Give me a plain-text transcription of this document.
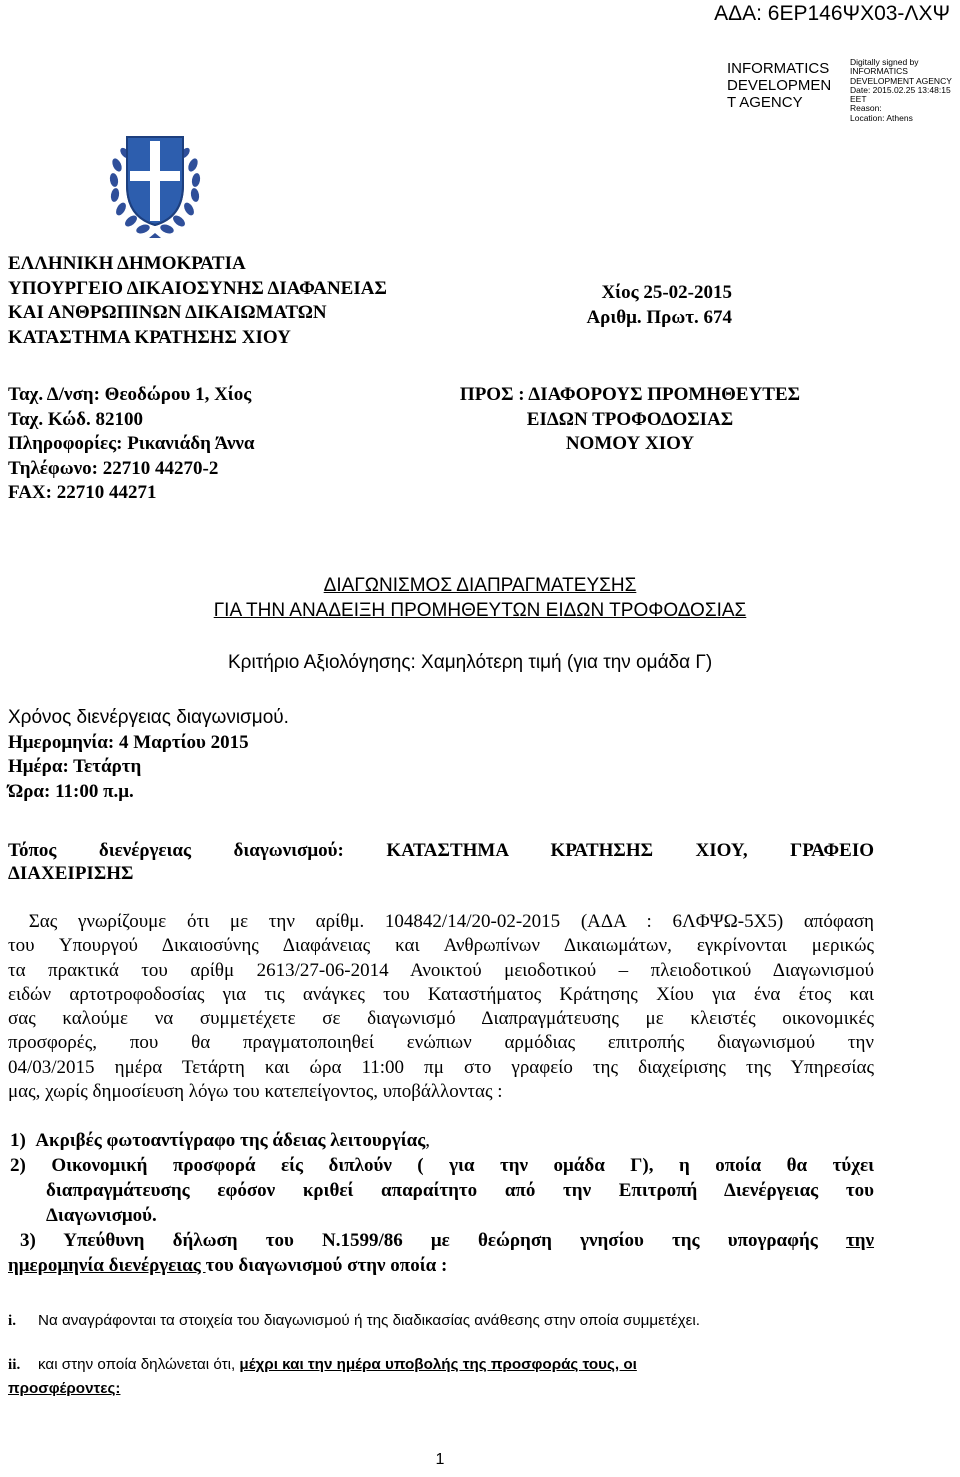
ΑΔΑ: 6ΕΡ146ΨΧ03-ΛΧΨ
INFORMATICS
DEVELOPMEN
T AGENCY
Digitally signed by
INFORMATICS
DEVELOPMENT AGENCY
Date: 2015.02.25 13:48:15
EET
Reason:
Location: Athens
ΕΛΛΗΝΙΚΗ ΔΗΜΟΚΡΑΤΙΑ
ΥΠΟΥΡΓΕΙΟ ΔΙΚΑΙΟΣΥΝΗΣ ΔΙΑΦΑΝΕΙΑΣ
ΚΑΙ ΑΝΘΡΩΠΙΝΩΝ ΔΙΚΑΙΩΜΑΤΩΝ
ΚΑΤΑΣΤΗΜΑ ΚΡΑΤΗΣΗΣ ΧΙΟΥ
Χίος 25-02-2015
Αριθμ. Πρωτ. 674
Ταχ. Δ/νση: Θεοδώρου 1, Χίος
Ταχ. Κώδ. 82100
Πληροφορίες: Ρικανιάδη Άννα
Τηλέφωνο: 22710 44270-2
FAX: 22710 44271
ΠΡΟΣ : ΔΙΑΦΟΡΟΥΣ ΠΡΟΜΗΘΕΥΤΕΣ
ΕΙΔΩΝ ΤΡΟΦΟΔΟΣΙΑΣ
ΝΟΜΟΥ ΧΙΟΥ
ΔΙΑΓΩΝΙΣΜΟΣ ΔΙΑΠΡΑΓΜΑΤΕΥΣΗΣ
ΓΙΑ ΤΗΝ ΑΝΑΔΕΙΞΗ ΠΡΟΜΗΘΕΥΤΩΝ ΕΙΔΩΝ ΤΡΟΦΟΔΟΣΙΑΣ
Κριτήριο Αξιολόγησης: Χαμηλότερη τιμή (για την ομάδα Γ)
Χρόνος διενέργειας διαγωνισμού.
Ημερομηνία: 4 Μαρτίου 2015
Ημέρα: Τετάρτη
Ώρα: 11:00 π.μ.
Τόπος διενέργειας διαγωνισμού: ΚΑΤΑΣΤΗΜΑ ΚΡΑΤΗΣΗΣ ΧΙΟΥ, ΓΡΑΦΕΙΟ
ΔΙΑΧΕΙΡΙΣΗΣ
Σας γνωρίζουμε ότι με την αρίθμ. 104842/14/20-02-2015 (ΑΔΑ : 6ΛΦΨΩ-5Χ5) απόφαση
του Υπουργού Δικαιοσύνης Διαφάνειας και Ανθρωπίνων Δικαιωμάτων, εγκρίνονται μερικώς
τα πρακτικά του αρίθμ 2613/27-06-2014 Ανοικτού μειοδοτικού – πλειοδοτικού Διαγωνισμού
ειδών αρτοτροφοδοσίας για τις ανάγκες του Καταστήματος Κράτησης Χίου για ένα έτος και
σας καλούμε να συμμετέχετε σε διαγωνισμό Διαπραγμάτευσης με κλειστές οικονομικές
προσφορές, που θα πραγματοποιηθεί ενώπιων αρμόδιας επιτροπής διαγωνισμού την
04/03/2015 ημέρα Τετάρτη και ώρα 11:00 πμ στο γραφείο της διαχείρισης της Υπηρεσίας
μας, χωρίς δημοσίευση λόγω του κατεπείγοντος, υποβάλλοντας :
1) Ακριβές φωτοαντίγραφο της άδειας λειτουργίας,
2) Οικονομική προσφορά είς διπλούν ( για την ομάδα Γ), η οποία θα τύχει
διαπραγμάτευσης εφόσον κριθεί απαραίτητο από την Επιτροπή Διενέργειας του
Διαγωνισμού.
3) Υπεύθυνη δήλωση του Ν.1599/86 με θεώρηση γνησίου της υπογραφής την
ημερομηνία διενέργειας του διαγωνισμού στην οποία :
i. Να αναγράφονται τα στοιχεία του διαγωνισμού ή της διαδικασίας ανάθεσης στην οποία συμμετέχει.
ii. και στην οποία δηλώνεται ότι, μέχρι και την ημέρα υποβολής της προσφοράς τους, οι
προσφέροντες:
1
